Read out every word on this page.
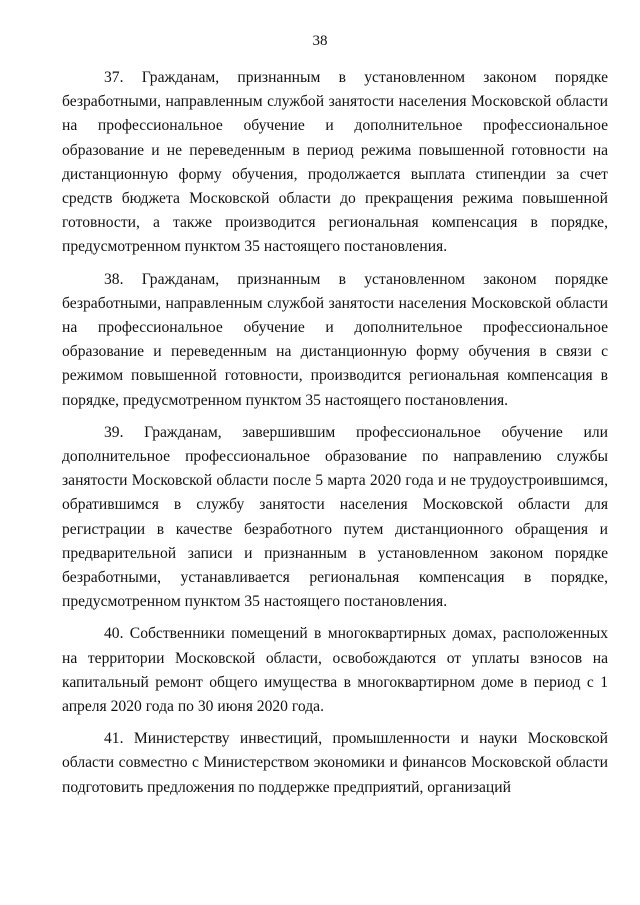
38

37. Гражданам, признанным в установленном законом порядке безработными, направленным службой занятости населения Московской области на профессиональное обучение и дополнительное профессиональное образование и не переведенным в период режима повышенной готовности на дистанционную форму обучения, продолжается выплата стипендии за счет средств бюджета Московской области до прекращения режима повышенной готовности, а также производится региональная компенсация в порядке, предусмотренном пунктом 35 настоящего постановления.

38. Гражданам, признанным в установленном законом порядке безработными, направленным службой занятости населения Московской области на профессиональное обучение и дополнительное профессиональное образование и переведенным на дистанционную форму обучения в связи с режимом повышенной готовности, производится региональная компенсация в порядке, предусмотренном пунктом 35 настоящего постановления.

39. Гражданам, завершившим профессиональное обучение или дополнительное профессиональное образование по направлению службы занятости Московской области после 5 марта 2020 года и не трудоустроившимся, обратившимся в службу занятости населения Московской области для регистрации в качестве безработного путем дистанционного обращения и предварительной записи и признанным в установленном законом порядке безработными, устанавливается региональная компенсация в порядке, предусмотренном пунктом 35 настоящего постановления.

40. Собственники помещений в многоквартирных домах, расположенных на территории Московской области, освобождаются от уплаты взносов на капитальный ремонт общего имущества в многоквартирном доме в период с 1 апреля 2020 года по 30 июня 2020 года.

41. Министерству инвестиций, промышленности и науки Московской области совместно с Министерством экономики и финансов Московской области подготовить предложения по поддержке предприятий, организаций
